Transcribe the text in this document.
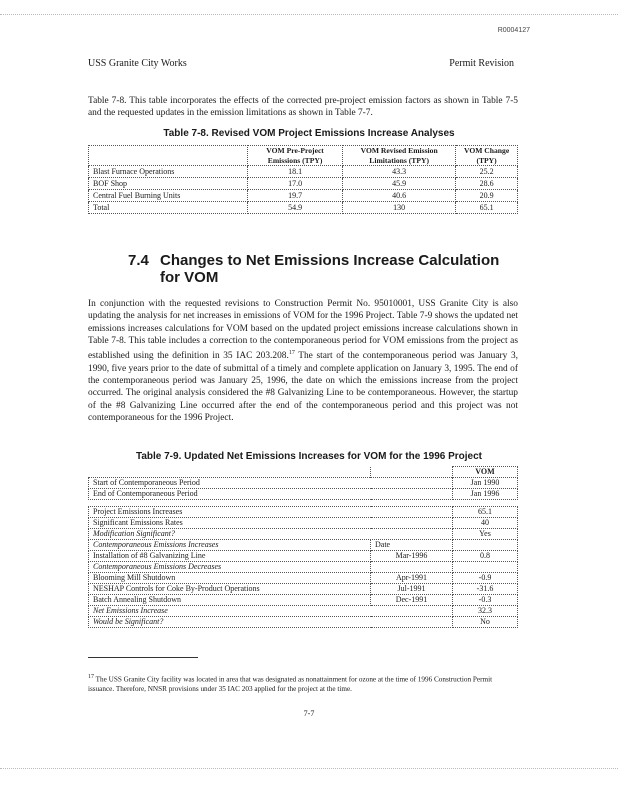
R0004127
USS Granite City Works	Permit Revision

Table 7-8. This table incorporates the effects of the corrected pre-project emission factors as shown in Table 7-5 and the requested updates in the emission limitations as shown in Table 7-7.

Table 7-8. Revised VOM Project Emissions Increase Analyses
	VOM Pre-Project Emissions (TPY)	VOM Revised Emission Limitations (TPY)	VOM Change (TPY)
Blast Furnace Operations	18.1	43.3	25.2
BOF Shop	17.0	45.9	28.6
Central Fuel Burning Units	19.7	40.6	20.9
Total	54.9	130	65.1
7.4 Changes to Net Emissions Increase Calculation for VOM

In conjunction with the requested revisions to Construction Permit No. 95010001, USS Granite City is also updating the analysis for net increases in emissions of VOM for the 1996 Project. Table 7-9 shows the updated net emissions increases calculations for VOM based on the updated project emissions increase calculations shown in Table 7-8. This table includes a correction to the contemporaneous period for VOM emissions from the project as established using the definition in 35 IAC 203.208.17 The start of the contemporaneous period was January 3, 1990, five years prior to the date of submittal of a timely and complete application on January 3, 1995. The end of the contemporaneous period was January 25, 1996, the date on which the emissions increase from the project occurred. The original analysis considered the #8 Galvanizing Line to be contemporaneous. However, the startup of the #8 Galvanizing Line occurred after the end of the contemporaneous period and this project was not contemporaneous for the 1996 Project.

Table 7-9. Updated Net Emissions Increases for VOM for the 1996 Project
		VOM
Start of Contemporaneous Period		Jan 1990
End of Contemporaneous Period		Jan 1996

Project Emissions Increases		65.1
Significant Emissions Rates		40
Modification Significant?		Yes
Contemporaneous Emissions Increases	Date	
Installation of #8 Galvanizing Line	Mar-1996	0.8
Contemporaneous Emissions Decreases		
Blooming Mill Shutdown	Apr-1991	-0.9
NESHAP Controls for Coke By-Product Operations	Jul-1991	-31.6
Batch Annealing Shutdown	Dec-1991	-0.3
Net Emissions Increase		32.3
Would be Significant?		No

$^{17}$ The USS Granite City facility was located in area that was designated as nonattainment for ozone at the time of 1996 Construction Permit issuance. Therefore, NNSR provisions under 35 IAC 203 applied for the project at the time.

7-7
